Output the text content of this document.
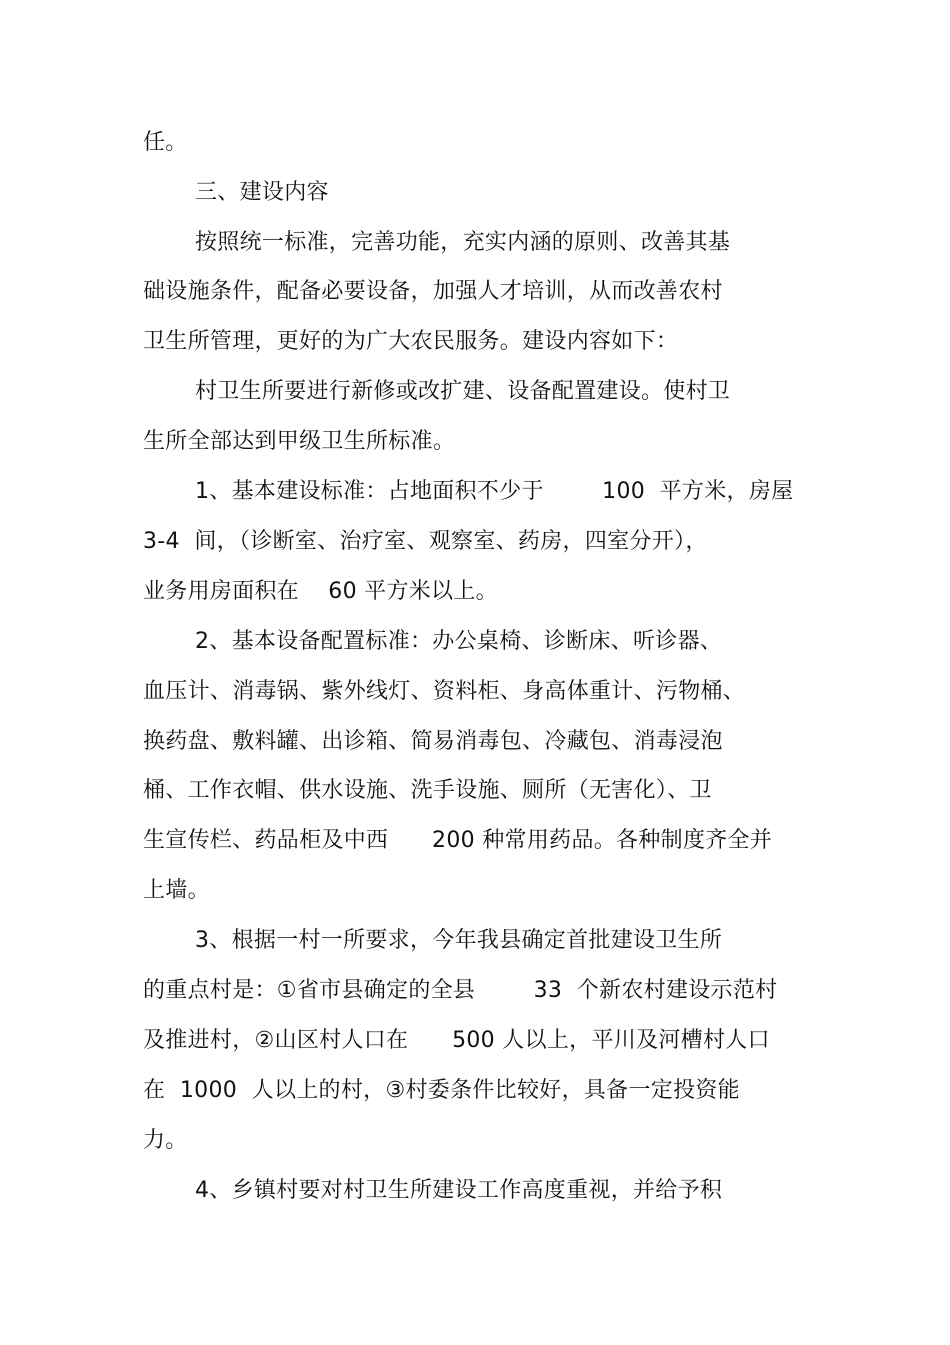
任。
三、建设内容
按照统一标准，完善功能，充实内涵的原则、改善其基
础设施条件，配备必要设备，加强人才培训，从而改善农村
卫生所管理，更好的为广大农民服务。建设内容如下：
村卫生所要进行新修或改扩建、设备配置建设。使村卫
生所全部达到甲级卫生所标准。
1、基本建设标准：占地面积不少于        100  平方米，房屋
3-4  间，（诊断室、治疗室、观察室、药房，四室分开），
业务用房面积在    60 平方米以上。
2、基本设备配置标准：办公桌椅、诊断床、听诊器、
血压计、消毒锅、紫外线灯、资料柜、身高体重计、污物桶、
换药盘、敷料罐、出诊箱、简易消毒包、冷藏包、消毒浸泡
桶、工作衣帽、供水设施、洗手设施、厕所（无害化）、卫
生宣传栏、药品柜及中西      200 种常用药品。各种制度齐全并
上墙。
3、根据一村一所要求，今年我县确定首批建设卫生所
的重点村是：①省市县确定的全县        33  个新农村建设示范村
及推进村，②山区村人口在      500 人以上，平川及河槽村人口
在  1000  人以上的村，③村委条件比较好，具备一定投资能
力。
4、乡镇村要对村卫生所建设工作高度重视，并给予积
